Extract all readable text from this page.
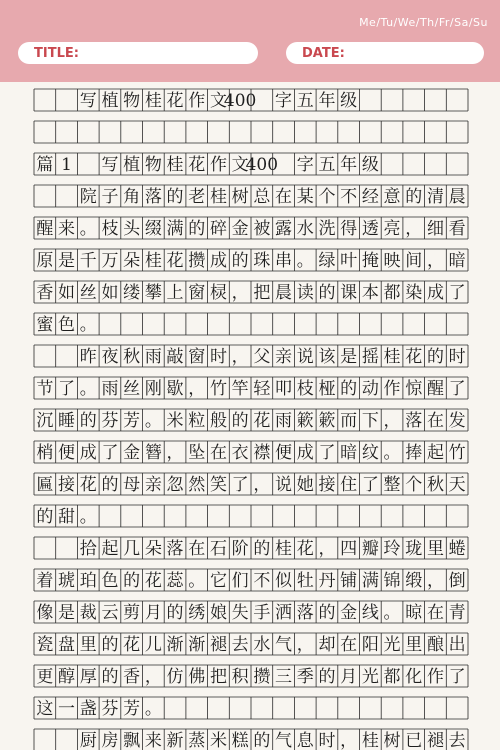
Me/Tu/We/Th/Fr/Sa/Su
TITLE:	DATE:
写 植 物 桂 花 作 文
400 字 五 年 级
篇 1 写 植 物 桂 花 作 文
400 字 五 年 级
院 子 角 落 的 老 桂 树 总 在 某 个 不 经 意 的 清 晨
醒 来 。 枝 头 缀 满 的 碎 金 被 露 水 洗 得 透 亮 ， 细 看
原 是 千 万 朵 桂 花 攒 成 的 珠 串 。 绿 叶 掩 映 间 ， 暗
香 如 丝 如 缕 攀 上 窗 棂 ， 把 晨 读 的 课 本 都 染 成 了
蜜 色 。
昨 夜 秋 雨 敲 窗 时 ， 父 亲 说 该 是 摇 桂 花 的 时
节 了 。 雨 丝 刚 歇 ， 竹 竿 轻 叩 枝 桠 的 动 作 惊 醒 了
沉 睡 的 芬 芳 。 米 粒 般 的 花 雨 簌 簌 而 下 ， 落 在 发
梢 便 成 了 金 簪 ， 坠 在 衣 襟 便 成 了 暗 纹 。 捧 起 竹
匾 接 花 的 母 亲 忽 然 笑 了 ， 说 她 接 住 了 整 个 秋 天
的 甜 。
拾 起 几 朵 落 在 石 阶 的 桂 花 ， 四 瓣 玲 珑 里 蜷
着 琥 珀 色 的 花 蕊 。 它 们 不 似 牡 丹 铺 满 锦 缎 ， 倒
像 是 裁 云 剪 月 的 绣 娘 失 手 洒 落 的 金 线 。 晾 在 青
瓷 盘 里 的 花 儿 渐 渐 褪 去 水 气 ， 却 在 阳 光 里 酿 出
更 醇 厚 的 香 ， 仿 佛 把 积 攒 三 季 的 月 光 都 化 作 了
这 一 盏 芬 芳 。
厨 房 飘 来 新 蒸 米 糕 的 气 息 时 ， 桂 树 已 褪 去
